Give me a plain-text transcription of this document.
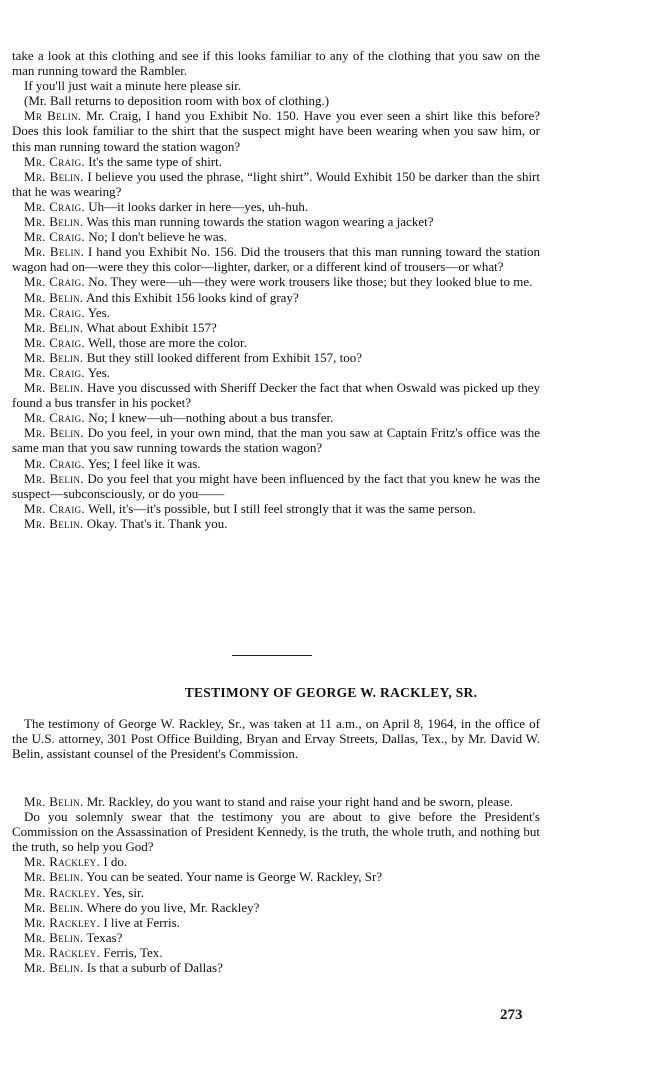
take a look at this clothing and see if this looks familiar to any of the clothing that you saw on the man running toward the Rambler.

If you'll just wait a minute here please sir.

(Mr. Ball returns to deposition room with box of clothing.)

Mr Belin. Mr. Craig, I hand you Exhibit No. 150. Have you ever seen a shirt like this before? Does this look familiar to the shirt that the suspect might have been wearing when you saw him, or this man running toward the station wagon?

Mr. Craig. It's the same type of shirt.

Mr. Belin. I believe you used the phrase, “light shirt”. Would Exhibit 150 be darker than the shirt that he was wearing?

Mr. Craig. Uh—it looks darker in here—yes, uh-huh.

Mr. Belin. Was this man running towards the station wagon wearing a jacket?

Mr. Craig. No; I don't believe he was.

Mr. Belin. I hand you Exhibit No. 156. Did the trousers that this man running toward the station wagon had on—were they this color—lighter, darker, or a different kind of trousers—or what?

Mr. Craig. No. They were—uh—they were work trousers like those; but they looked blue to me.

Mr. Belin. And this Exhibit 156 looks kind of gray?

Mr. Craig. Yes.

Mr. Belin. What about Exhibit 157?

Mr. Craig. Well, those are more the color.

Mr. Belin. But they still looked different from Exhibit 157, too?

Mr. Craig. Yes.

Mr. Belin. Have you discussed with Sheriff Decker the fact that when Oswald was picked up they found a bus transfer in his pocket?

Mr. Craig. No; I knew—uh—nothing about a bus transfer.

Mr. Belin. Do you feel, in your own mind, that the man you saw at Captain Fritz's office was the same man that you saw running towards the station wagon?

Mr. Craig. Yes; I feel like it was.

Mr. Belin. Do you feel that you might have been influenced by the fact that you knew he was the suspect—subconsciously, or do you——

Mr. Craig. Well, it's—it's possible, but I still feel strongly that it was the same person.

Mr. Belin. Okay. That's it. Thank you.

TESTIMONY OF GEORGE W. RACKLEY, SR.

The testimony of George W. Rackley, Sr., was taken at 11 a.m., on April 8, 1964, in the office of the U.S. attorney, 301 Post Office Building, Bryan and Ervay Streets, Dallas, Tex., by Mr. David W. Belin, assistant counsel of the President's Commission.

Mr. Belin. Mr. Rackley, do you want to stand and raise your right hand and be sworn, please.

Do you solemnly swear that the testimony you are about to give before the President's Commission on the Assassination of President Kennedy, is the truth, the whole truth, and nothing but the truth, so help you God?

Mr. Rackley. I do.

Mr. Belin. You can be seated. Your name is George W. Rackley, Sr?

Mr. Rackley. Yes, sir.

Mr. Belin. Where do you live, Mr. Rackley?

Mr. Rackley. I live at Ferris.

Mr. Belin. Texas?

Mr. Rackley. Ferris, Tex.

Mr. Belin. Is that a suburb of Dallas?

273
